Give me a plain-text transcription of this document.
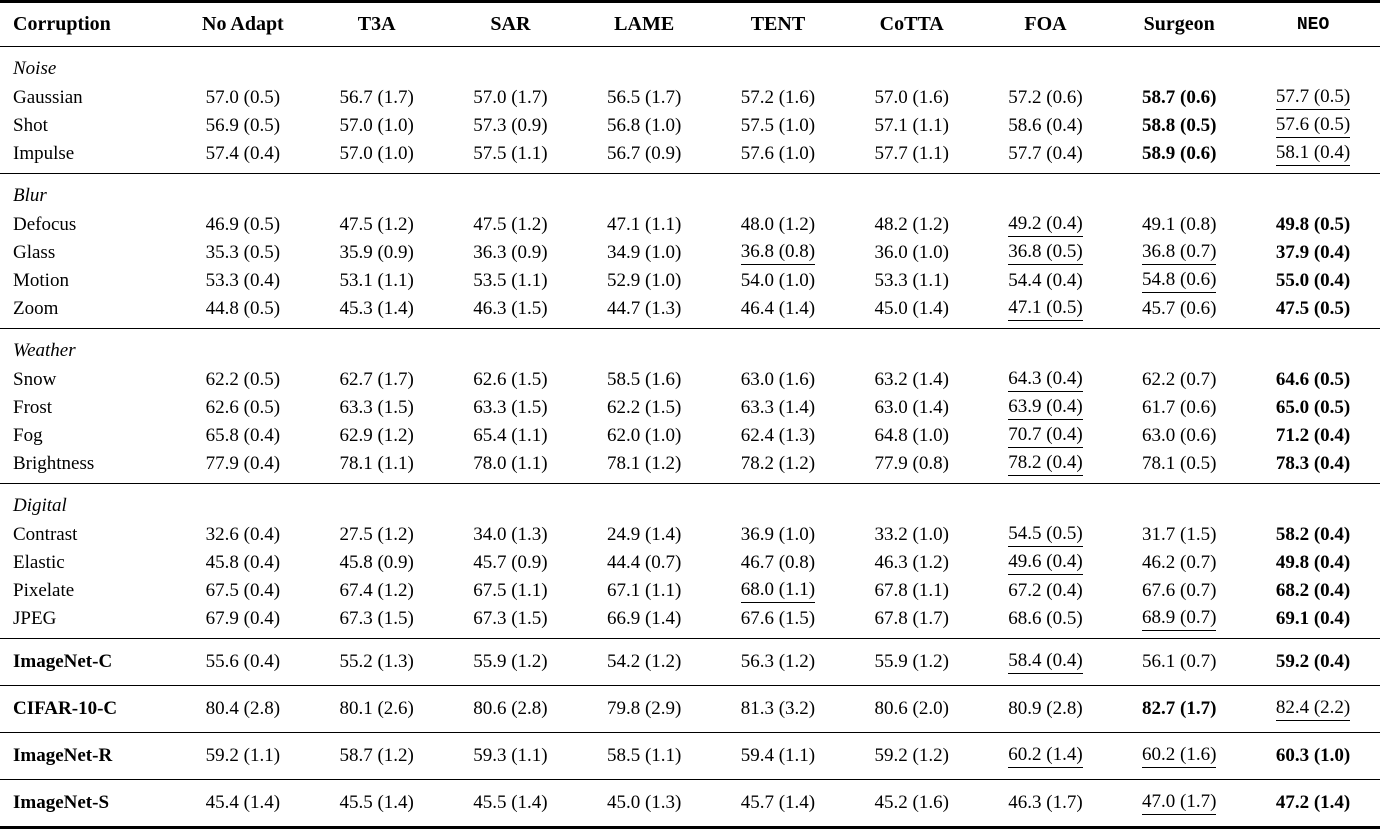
Corruption	No Adapt	T3A	SAR	LAME	TENT	CoTTA	FOA	Surgeon	NEO
Noise									
Gaussian	57.0 (0.5)	56.7 (1.7)	57.0 (1.7)	56.5 (1.7)	57.2 (1.6)	57.0 (1.6)	57.2 (0.6)	58.7 (0.6)	57.7 (0.5)
Shot	56.9 (0.5)	57.0 (1.0)	57.3 (0.9)	56.8 (1.0)	57.5 (1.0)	57.1 (1.1)	58.6 (0.4)	58.8 (0.5)	57.6 (0.5)
Impulse	57.4 (0.4)	57.0 (1.0)	57.5 (1.1)	56.7 (0.9)	57.6 (1.0)	57.7 (1.1)	57.7 (0.4)	58.9 (0.6)	58.1 (0.4)
Blur									
Defocus	46.9 (0.5)	47.5 (1.2)	47.5 (1.2)	47.1 (1.1)	48.0 (1.2)	48.2 (1.2)	49.2 (0.4)	49.1 (0.8)	49.8 (0.5)
Glass	35.3 (0.5)	35.9 (0.9)	36.3 (0.9)	34.9 (1.0)	36.8 (0.8)	36.0 (1.0)	36.8 (0.5)	36.8 (0.7)	37.9 (0.4)
Motion	53.3 (0.4)	53.1 (1.1)	53.5 (1.1)	52.9 (1.0)	54.0 (1.0)	53.3 (1.1)	54.4 (0.4)	54.8 (0.6)	55.0 (0.4)
Zoom	44.8 (0.5)	45.3 (1.4)	46.3 (1.5)	44.7 (1.3)	46.4 (1.4)	45.0 (1.4)	47.1 (0.5)	45.7 (0.6)	47.5 (0.5)
Weather									
Snow	62.2 (0.5)	62.7 (1.7)	62.6 (1.5)	58.5 (1.6)	63.0 (1.6)	63.2 (1.4)	64.3 (0.4)	62.2 (0.7)	64.6 (0.5)
Frost	62.6 (0.5)	63.3 (1.5)	63.3 (1.5)	62.2 (1.5)	63.3 (1.4)	63.0 (1.4)	63.9 (0.4)	61.7 (0.6)	65.0 (0.5)
Fog	65.8 (0.4)	62.9 (1.2)	65.4 (1.1)	62.0 (1.0)	62.4 (1.3)	64.8 (1.0)	70.7 (0.4)	63.0 (0.6)	71.2 (0.4)
Brightness	77.9 (0.4)	78.1 (1.1)	78.0 (1.1)	78.1 (1.2)	78.2 (1.2)	77.9 (0.8)	78.2 (0.4)	78.1 (0.5)	78.3 (0.4)
Digital									
Contrast	32.6 (0.4)	27.5 (1.2)	34.0 (1.3)	24.9 (1.4)	36.9 (1.0)	33.2 (1.0)	54.5 (0.5)	31.7 (1.5)	58.2 (0.4)
Elastic	45.8 (0.4)	45.8 (0.9)	45.7 (0.9)	44.4 (0.7)	46.7 (0.8)	46.3 (1.2)	49.6 (0.4)	46.2 (0.7)	49.8 (0.4)
Pixelate	67.5 (0.4)	67.4 (1.2)	67.5 (1.1)	67.1 (1.1)	68.0 (1.1)	67.8 (1.1)	67.2 (0.4)	67.6 (0.7)	68.2 (0.4)
JPEG	67.9 (0.4)	67.3 (1.5)	67.3 (1.5)	66.9 (1.4)	67.6 (1.5)	67.8 (1.7)	68.6 (0.5)	68.9 (0.7)	69.1 (0.4)
ImageNet-C	55.6 (0.4)	55.2 (1.3)	55.9 (1.2)	54.2 (1.2)	56.3 (1.2)	55.9 (1.2)	58.4 (0.4)	56.1 (0.7)	59.2 (0.4)
CIFAR-10-C	80.4 (2.8)	80.1 (2.6)	80.6 (2.8)	79.8 (2.9)	81.3 (3.2)	80.6 (2.0)	80.9 (2.8)	82.7 (1.7)	82.4 (2.2)
ImageNet-R	59.2 (1.1)	58.7 (1.2)	59.3 (1.1)	58.5 (1.1)	59.4 (1.1)	59.2 (1.2)	60.2 (1.4)	60.2 (1.6)	60.3 (1.0)
ImageNet-S	45.4 (1.4)	45.5 (1.4)	45.5 (1.4)	45.0 (1.3)	45.7 (1.4)	45.2 (1.6)	46.3 (1.7)	47.0 (1.7)	47.2 (1.4)
